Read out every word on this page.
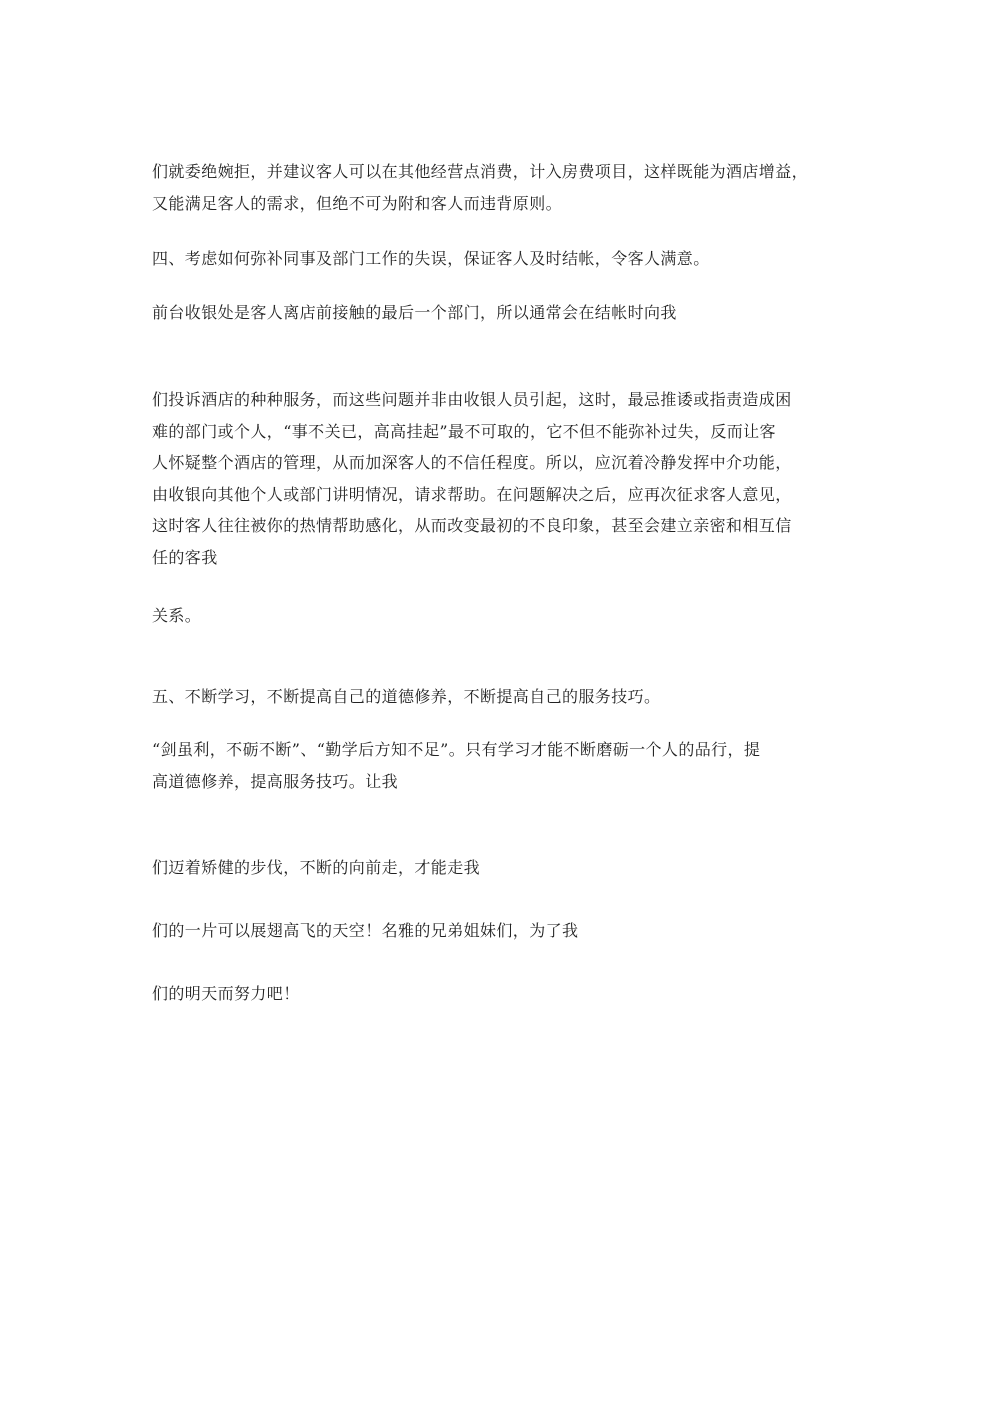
们就委绝婉拒，并建议客人可以在其他经营点消费，计入房费项目，这样既能为酒店增益，
又能满足客人的需求，但绝不可为附和客人而违背原则。

四、考虑如何弥补同事及部门工作的失误，保证客人及时结帐，令客人满意。

前台收银处是客人离店前接触的最后一个部门，所以通常会在结帐时向我

们投诉酒店的种种服务，而这些问题并非由收银人员引起，这时，最忌推诿或指责造成困
难的部门或个人，“事不关已，高高挂起”最不可取的，它不但不能弥补过失，反而让客
人怀疑整个酒店的管理，从而加深客人的不信任程度。所以，应沉着冷静发挥中介功能，
由收银向其他个人或部门讲明情况，请求帮助。在问题解决之后，应再次征求客人意见，
这时客人往往被你的热情帮助感化，从而改变最初的不良印象，甚至会建立亲密和相互信
任的客我

关系。

五、不断学习，不断提高自己的道德修养，不断提高自己的服务技巧。

“剑虽利，不砺不断”、“勤学后方知不足”。只有学习才能不断磨砺一个人的品行，提
高道德修养，提高服务技巧。让我

们迈着矫健的步伐，不断的向前走，才能走我

们的一片可以展翅高飞的天空！名雅的兄弟姐妹们，为了我

们的明天而努力吧！
